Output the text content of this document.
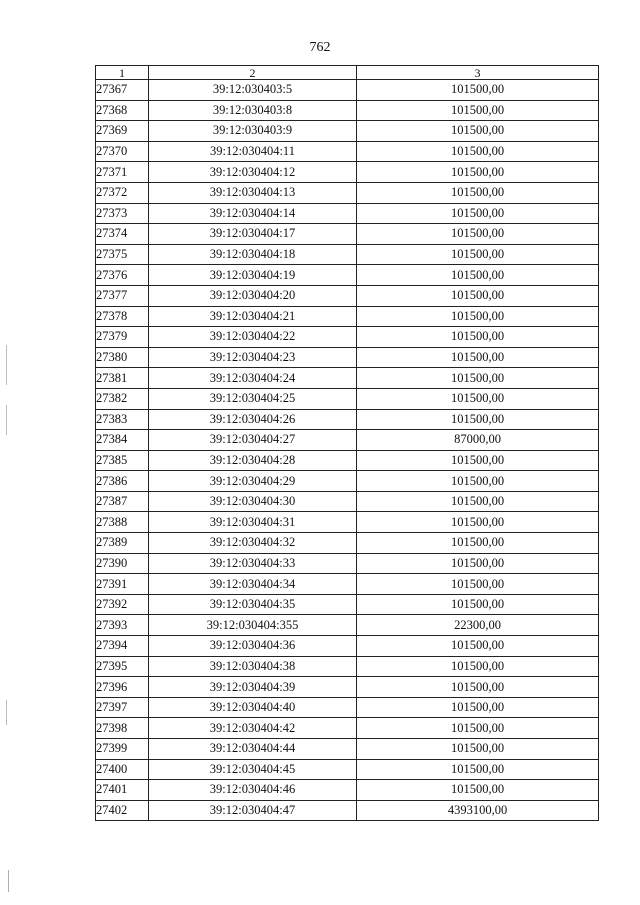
762
1	2	3
27367	39:12:030403:5	101500,00
27368	39:12:030403:8	101500,00
27369	39:12:030403:9	101500,00
27370	39:12:030404:11	101500,00
27371	39:12:030404:12	101500,00
27372	39:12:030404:13	101500,00
27373	39:12:030404:14	101500,00
27374	39:12:030404:17	101500,00
27375	39:12:030404:18	101500,00
27376	39:12:030404:19	101500,00
27377	39:12:030404:20	101500,00
27378	39:12:030404:21	101500,00
27379	39:12:030404:22	101500,00
27380	39:12:030404:23	101500,00
27381	39:12:030404:24	101500,00
27382	39:12:030404:25	101500,00
27383	39:12:030404:26	101500,00
27384	39:12:030404:27	87000,00
27385	39:12:030404:28	101500,00
27386	39:12:030404:29	101500,00
27387	39:12:030404:30	101500,00
27388	39:12:030404:31	101500,00
27389	39:12:030404:32	101500,00
27390	39:12:030404:33	101500,00
27391	39:12:030404:34	101500,00
27392	39:12:030404:35	101500,00
27393	39:12:030404:355	22300,00
27394	39:12:030404:36	101500,00
27395	39:12:030404:38	101500,00
27396	39:12:030404:39	101500,00
27397	39:12:030404:40	101500,00
27398	39:12:030404:42	101500,00
27399	39:12:030404:44	101500,00
27400	39:12:030404:45	101500,00
27401	39:12:030404:46	101500,00
27402	39:12:030404:47	4393100,00
